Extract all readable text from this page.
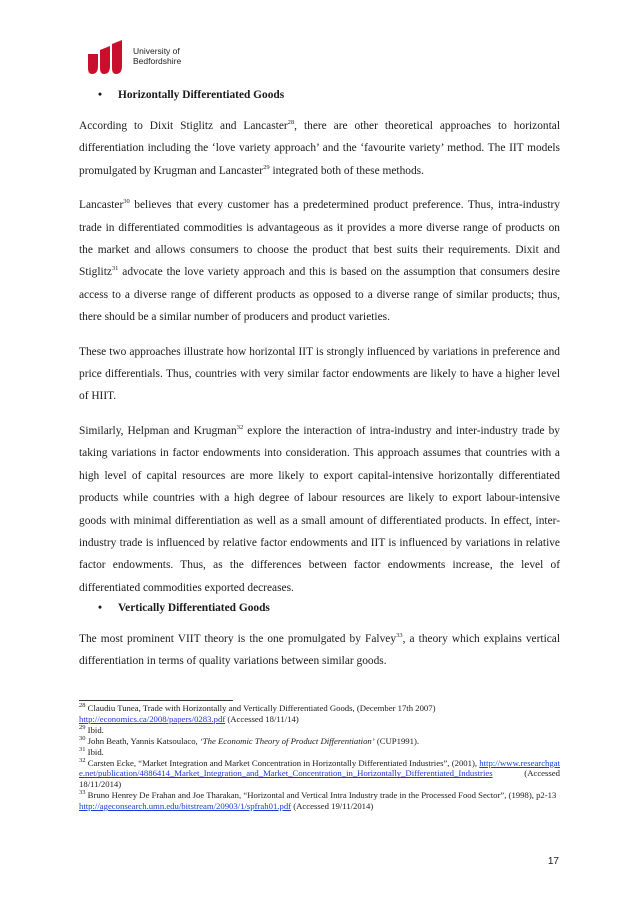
University of
Bedfordshire
• Horizontally Differentiated Goods

According to Dixit Stiglitz and Lancaster$^{28}$, there are other theoretical approaches to horizontal differentiation including the ‘love variety approach’ and the ‘favourite variety’ method. The IIT models promulgated by Krugman and Lancaster$^{29}$ integrated both of these methods.

Lancaster$^{30}$ believes that every customer has a predetermined product preference. Thus, intra-industry trade in differentiated commodities is advantageous as it provides a more diverse range of products on the market and allows consumers to choose the product that best suits their requirements. Dixit and Stiglitz$^{31}$ advocate the love variety approach and this is based on the assumption that consumers desire access to a diverse range of different products as opposed to a diverse range of similar products; thus, there should be a similar number of producers and product varieties.

These two approaches illustrate how horizontal IIT is strongly influenced by variations in preference and price differentials. Thus, countries with very similar factor endowments are likely to have a higher level of HIIT.

Similarly, Helpman and Krugman$^{32}$ explore the interaction of intra-industry and inter-industry trade by taking variations in factor endowments into consideration. This approach assumes that countries with a high level of capital resources are more likely to export capital-intensive horizontally differentiated products while countries with a high degree of labour resources are likely to export labour-intensive goods with minimal differentiation as well as a small amount of differentiated products. In effect, inter-industry trade is influenced by relative factor endowments and IIT is influenced by variations in relative factor endowments. Thus, as the differences between factor endowments increase, the level of differentiated commodities exported decreases.

• Vertically Differentiated Goods

The most prominent VIIT theory is the one promulgated by Falvey$^{33}$, a theory which explains vertical differentiation in terms of quality variations between similar goods.

$^{28}$ Claudiu Tunea, Trade with Horizontally and Vertically Differentiated Goods, (December 17th 2007)
http://economics.ca/2008/papers/0283.pdf (Accessed 18/11/14)

$^{29}$ Ibid.

$^{30}$ John Beath, Yannis Katsoulaco, ‘The Economic Theory of Product Differentiation’ (CUP1991).

$^{31}$ Ibid.

$^{32}$ Carsten Ecke, “Market Integration and Market Concentration in Horizontally Differentiated Industries”, (2001), http://www.researchgate.net/publication/4886414_Market_Integration_and_Market_Concentration_in_Horizontally_Differentiated_Industries (Accessed 18/11/2014)

$^{33}$ Bruno Henrey De Frahan and Joe Tharakan, “Horizontal and Vertical Intra Industry trade in the Processed Food Sector”, (1998), p2-13
http://ageconsearch.umn.edu/bitstream/20903/1/spfrah01.pdf (Accessed 19/11/2014)

17
